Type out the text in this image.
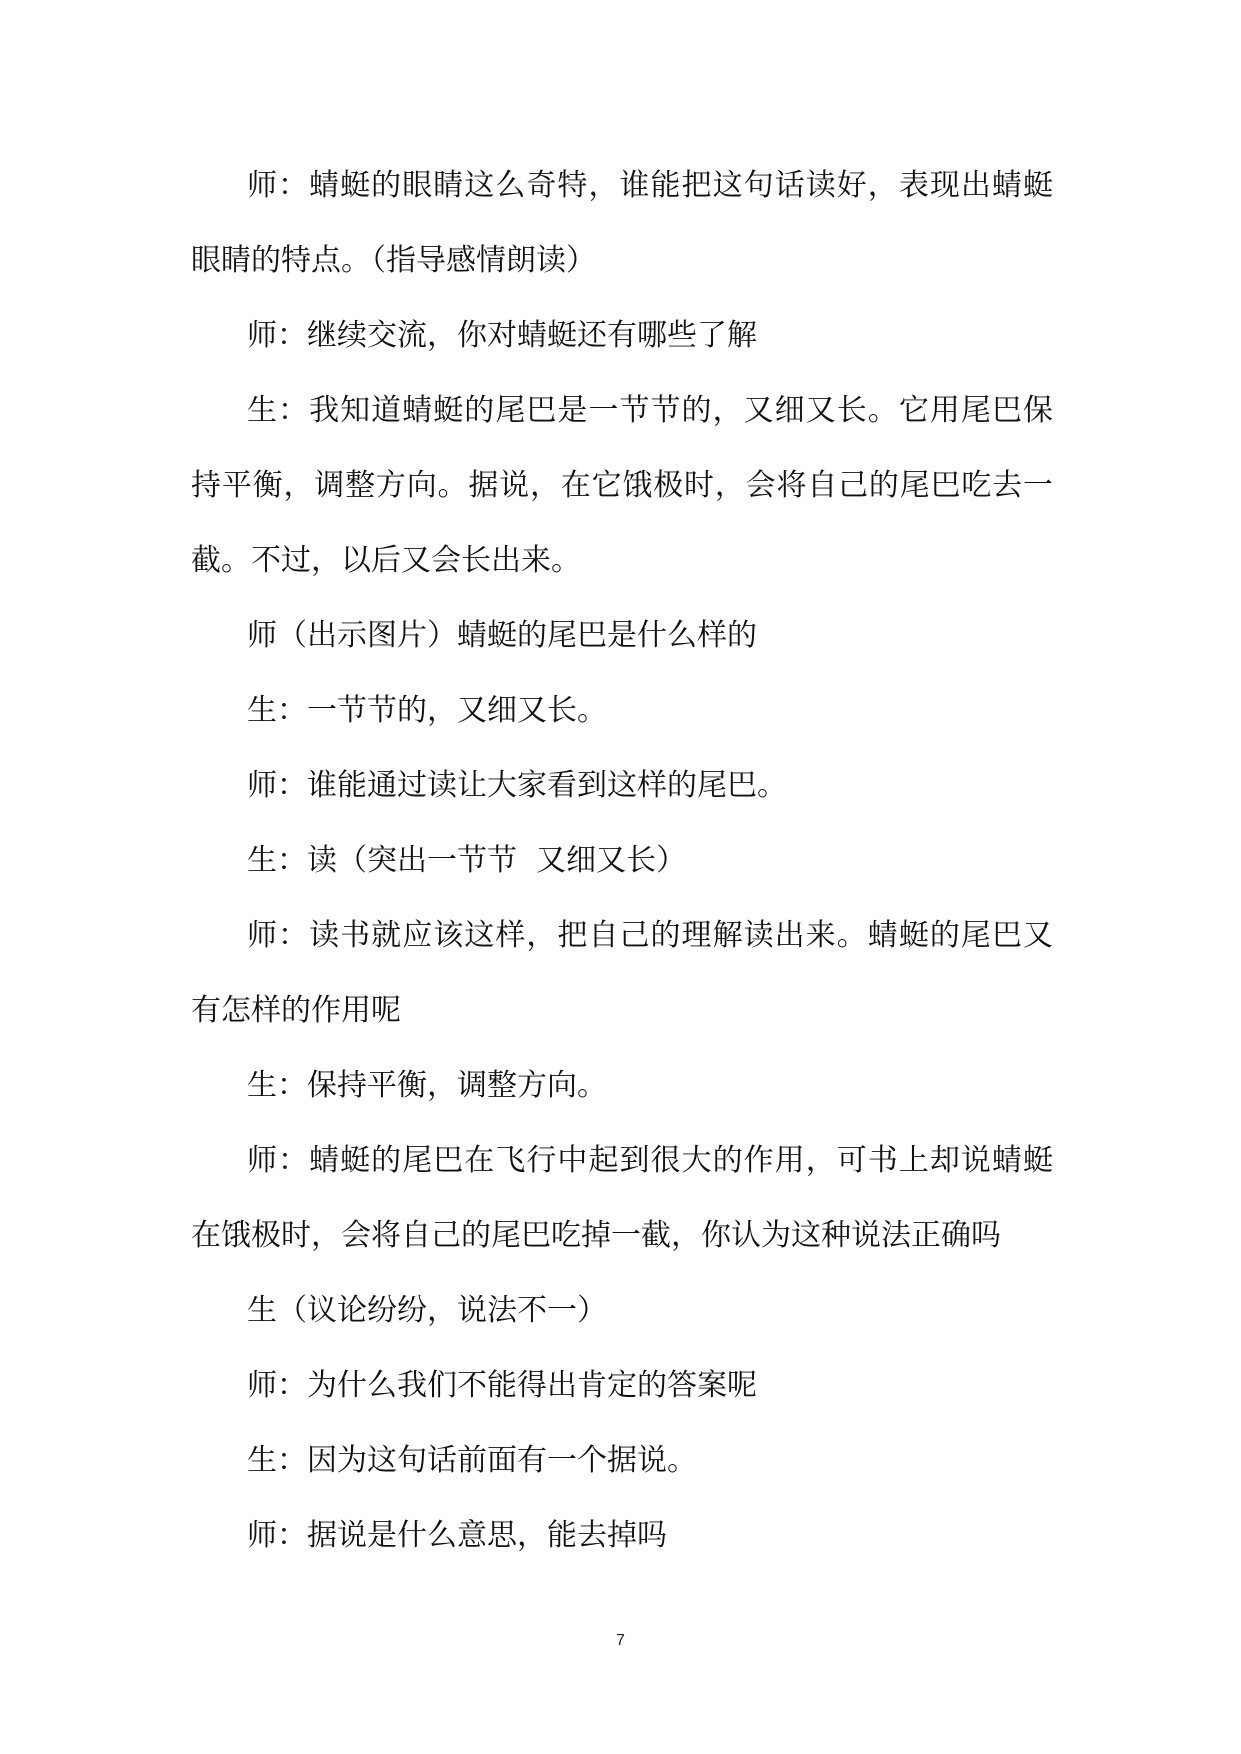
师：蜻蜓的眼睛这么奇特，谁能把这句话读好，表现出蜻蜓眼睛的特点。（指导感情朗读）

师：继续交流，你对蜻蜓还有哪些了解

生：我知道蜻蜓的尾巴是一节节的，又细又长。它用尾巴保持平衡，调整方向。据说，在它饿极时，会将自己的尾巴吃去一截。不过，以后又会长出来。

师（出示图片）蜻蜓的尾巴是什么样的

生：一节节的，又细又长。

师：谁能通过读让大家看到这样的尾巴。

生：读（突出一节节  又细又长）

师：读书就应该这样，把自己的理解读出来。蜻蜓的尾巴又有怎样的作用呢

生：保持平衡，调整方向。

师：蜻蜓的尾巴在飞行中起到很大的作用，可书上却说蜻蜓在饿极时，会将自己的尾巴吃掉一截，你认为这种说法正确吗

生（议论纷纷，说法不一）

师：为什么我们不能得出肯定的答案呢

生：因为这句话前面有一个据说。

师：据说是什么意思，能去掉吗

7
